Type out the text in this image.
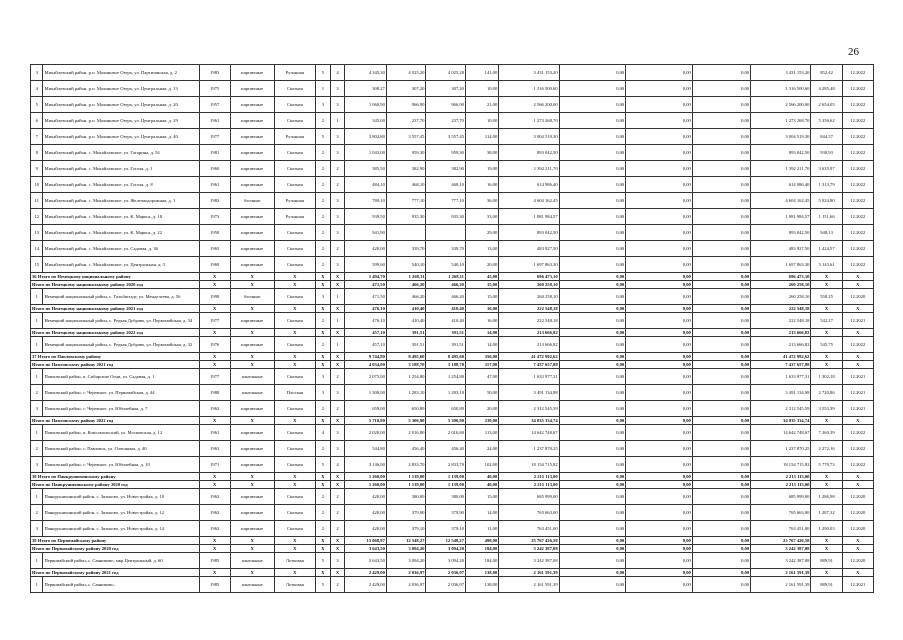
26
3	Михайловский район, р.п. Малиновое Озеро, ул. Партизанская, д. 2	1983	кирпичные	Рулонная	5	4	4 345,30	4 025,20	4 025,20	141,00	3 431 153,20	0,00	0,00	0,00	3 431 153,20	852,42	12.2022
4	Михайловский район, р.п. Малиновое Озеро, ул. Центральная, д. 13	1975	кирпичные	Скатная	1	3	308,27	307,20	307,20	10,00	1 316 500,60	0,00	0,00	0,00	1 316 500,60	4 285,48	12.2022
5	Михайловский район, р.п. Малиновое Озеро, ул. Центральная, д. 20	1957	кирпичные	Скатная	3	3	1 060,90	966,90	966,90	21,00	2 566 200,00	0,00	0,00	0,00	2 566 200,00	2 654,05	12.2022
6	Михайловский район, р.п. Малиновое Озеро, ул. Центральная, д. 29	1961	кирпичные	Скатная	2	1	345,00	237,70	237,70	10,00	1 273 268,70	0,00	0,00	0,00	1 273 268,70	5 356,62	12.2022
7	Михайловский район, р.п. Малиновое Озеро, ул. Центральная, д. 40	1977	кирпичные	Рулонная	5	3	3 802,80	3 557,45	3 557,45	114,00	3 004 519,30	0,00	0,00	0,00	3 004 519,30	844,57	12.2022
8	Михайловский район, с. Михайловское, ул. Гагарина, д. 54	1981	кирпичные	Скатная	2	3	1 043,00	959,30	959,30	38,00	893 042,50	0,00	0,00	0,00	893 042,50	930,93	12.2022
9	Михайловский район, с. Михайловское, ул. Гоголя, д. 1	1960	кирпичные	Скатная	2	2	385,50	382,90	382,90	19,00	1 392 211,70	0,00	0,00	0,00	1 392 211,70	3 635,97	12.2022
10	Михайловский район, с. Михайловское, ул. Гоголя, д. 8	1961	кирпичные	Скатная	2	2	484,10	468,10	468,10	16,00	614 986,40	0,00	0,00	0,00	614 986,40	1 313,79	12.2022
11	Михайловский район, с. Михайловское, ул. Железнодорожная, д. 1	1982	блочные	Рулонная	2	3	780,10	777,10	777,10	36,00	4 604 162,45	0,00	0,00	0,00	4 604 162,45	5 924,80	12.2022
12	Михайловский район, с. Михайловское, ул. К. Маркса, д. 18	1973	кирпичные	Рулонная	2	3	939,50	935,30	935,30	33,00	1 081 984,57	0,00	0,00	0,00	1 081 984,57	1 151,66	12.2022
13	Михайловский район, с. Михайловское, ул. К. Маркса, д. 22	1958	кирпичные	Скатная	2	3	941,90			29,00	893 042,50	0,00	0,00	0,00	893 042,50	948,13	12.2022
14	Михайловский район, с. Михайловское, ул. Садовая, д. 36	1965	кирпичные	Скатная	2	2	420,00	339,70	339,70	13,00	483 927,50	0,00	0,00	0,00	483 927,50	1 424,57	12.2022
15	Михайловский район, с. Михайловское, ул. Центральная, д. 3	1969	кирпичные	Скатная	2	3	599,60	540,10	540,10	20,00	1 697 863,30	0,00	0,00	0,00	1 697 863,30	3 143,61	12.2022
36 Итого по Немецкому национальному району		X	X	X	X	X	1 494,70	1 268,11	1 268,11	45,00	696 473,10	0,00	0,00	0,00	696 473,10	X	X
Итого по Немецкому национальному району 2020 год		X	X	X	X	X	471,50	466,20	466,20	15,00	260 258,10	0,00	0,00	0,00	260 258,10	X	X
1	Немецкий национальный район, с. Гальбштадт, ул. Менделеева, д. 56	1998	блочные	Скатная	3	1	471,50	466,20	466,20	15,00	260 258,10	0,00	0,00	0,00	260 258,10	558,25	12.2020
Итого по Немецкому национальному району 2021 год		X	X	X	X	X	476,10	410,40	410,40	16,00	222 548,18	0,00	0,00	0,00	222 548,18	X	X
1	Немецкий национальный район, с. Редкая Дубрава, ул. Первомайская, д. 34	1977	кирпичные	Скатная	2	1	476,10	410,40	410,40	16,00	222 548,18	0,00	0,00	0,00	222 548,18	542,27	12.2021
Итого по Немецкому национальному району 2022 год		X	X	X	X	X	457,10	391,51	391,51	14,00	213 666,82	0,00	0,00	0,00	213 666,82	X	X
1	Немецкий национальный район, с. Редкая Дубрава, ул. Первомайская, д. 32	1976	кирпичные	Скатная	2	1	457,10	391,51	391,51	14,00	213 666,82	0,00	0,00	0,00	213 666,82	545,75	12.2022
37 Итого по Павловскому району		X	X	X	X	X	9 744,80	8 495,60	8 495,60	356,00	41 472 992,62	0,00	0,00	0,00	41 472 992,62	X	X
Итого по Павловскому району 2021 год		X	X	X	X	X	4 034,00	3 188,70	3 188,70	117,00	7 437 657,88	0,00	0,00	0,00	7 437 657,88	X	X
1	Павловский район, п. Сибирские Огни, ул. Садовая, д. 1	1977	панельные	Скатная	3	2	2 075,00	1 254,80	1 254,80	47,00	1 633 977,31	0,00	0,00	0,00	1 633 977,31	1 302,18	12.2021
2	Павловский район, с. Черемное, ул. Первомайская, д. 44	1988	панельные	Плоская	3	3	1 300,00	1 283,10	1 283,10	50,00	3 491 134,98	0,00	0,00	0,00	3 491 134,98	2 720,86	12.2021
3	Павловский район, с. Черемное, ул. Юбилейная, д. 7	1962	кирпичные	Скатная	2	2	659,00	650,80	650,80	20,00	2 312 545,59	0,00	0,00	0,00	2 312 545,59	3 553,39	12.2021
Итого по Павловскому району 2022 год		X	X	X	X	X	5 710,80	5 306,90	5 306,90	239,00	34 035 334,74	0,00	0,00	0,00	34 035 334,74	X	X
1	Павловский район, п. Комсомольский, ул. Московская, д. 12	1961	кирпичные	Скатная	4	3	2 020,00	2 016,80	2 016,80	113,00	14 642 748,67	0,00	0,00	0,00	14 642 748,67	7 260,39	12.2022
2	Павловский район, с. Павловск, ул. Олешкина, д. 40	1963	кирпичные	Скатная	2	3	544,80	456,40	456,40	24,00	1 237 870,25	0,00	0,00	0,00	1 237 870,25	2 272,16	12.2022
3	Павловский район, с. Черемное, ул. Юбилейная, д. 10	1971	кирпичные	Скатная	5	4	3 146,00	2 833,70	2 833,70	102,00	18 154 715,82	0,00	0,00	0,00	18 154 715,82	5 770,73	12.2022
38 Итого по Панкрушихинскому району		X	X	X	X	X	1 260,00	1 139,00	1 139,00	40,00	2 215 113,00	0,00	0,00	0,00	2 215 113,00	X	X
Итого по Панкрушихинскому району 2020 год		X	X	X	X	X	1 260,00	1 139,00	1 139,00	40,00	2 215 113,00	0,00	0,00	0,00	2 215 113,00	X	X
1	Панкрушихинский район, с. Зятьково, ул. Новостройка, д. 10	1962	кирпичные	Скатная	2	2	420,00	380,00	380,00	15,00	685 999,00	0,00	0,00	0,00	685 999,00	1 286,98	12.2020
2	Панкрушихинский район, с. Зятьково, ул. Новостройка, д. 12	1962	кирпичные	Скатная	2	2	420,00	379,90	379,90	14,00	765 663,00	0,00	0,00	0,00	765 663,00	1 287,32	12.2020
3	Панкрушихинский район, с. Зятьково, ул. Новостройка, д. 14	1962	кирпичные	Скатная	2	2	420,00	379,10	379,10	11,00	763 451,00	0,00	0,00	0,00	763 451,00	1 290,03	12.2020
39 Итого по Первомайскому району		X	X	X	X	X	15 068,97	12 548,27	12 548,27	498,00	25 767 426,58	0,00	0,00	0,00	25 767 426,58	X	X
Итого по Первомайскому району 2020 год		X	X	X	X	X	3 643,50	3 094,20	3 094,20	184,00	3 242 387,08	0,00	0,00	0,00	3 242 387,08	X	X
1	Первомайский район, с. Санниково, мкр.Центральный, д. 60	1985	панельные	Лотковая	5	3	3 643,50	3 094,20	3 094,20	184,00	3 242 387,08	0,00	0,00	0,00	3 242 387,08	889,91	12.2020
Итого по Первомайскому району 2021 год		X	X	X	X	X	2 429,00	2 036,97	2 036,97	138,00	2 161 591,39	0,00	0,00	0,00	2 161 591,39	X	X
1	Первомайский район, с. Санниково,	1985	панельные	Лотковая	5	2	2 429,00	2 036,97	2 036,97	138,00	2 161 591,39	0,00	0,00	0,00	2 161 591,39	889,91	12.2021
